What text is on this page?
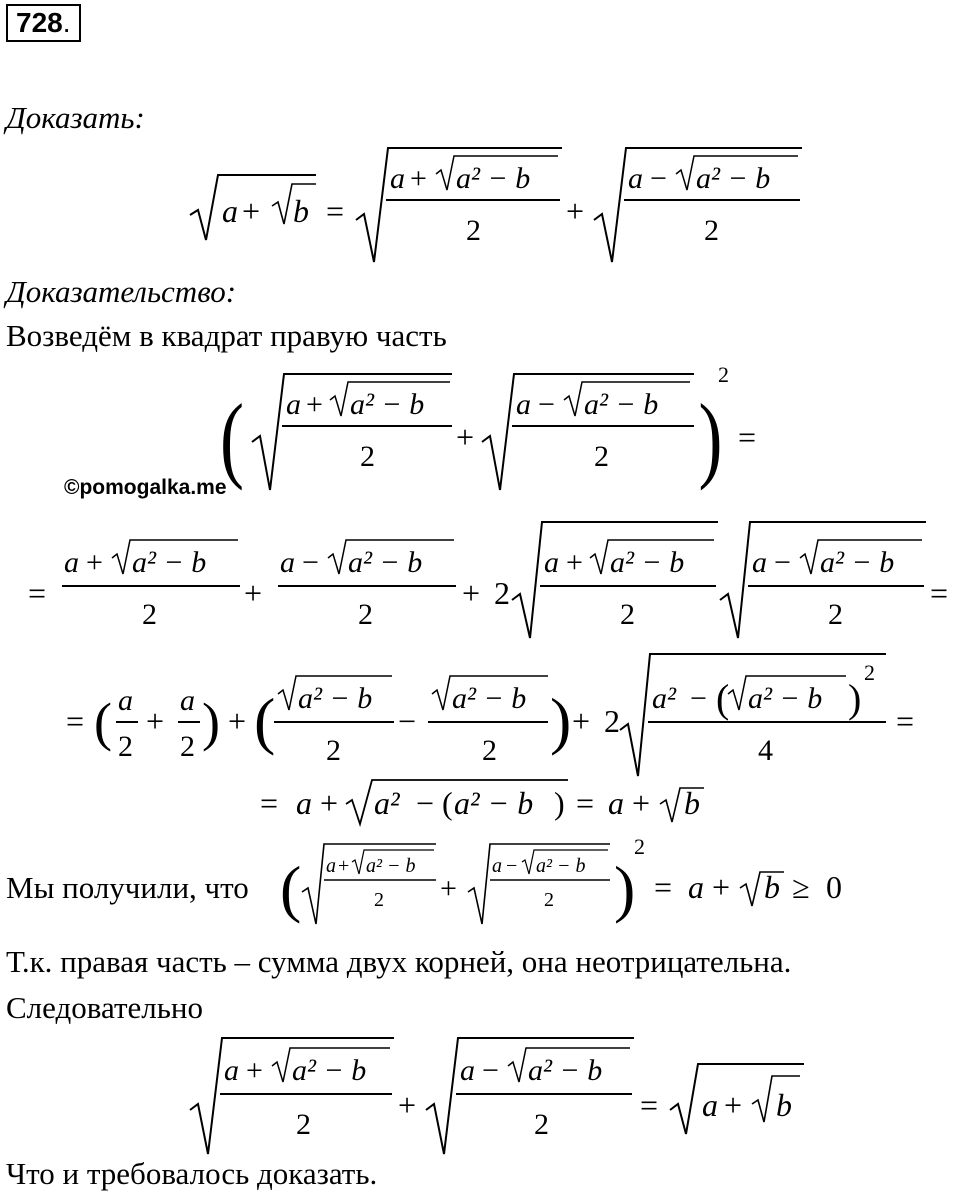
728.
Доказать:
a + b =
a + a² − b
2
+
a − a² − b
2
Доказательство:
Возведём в квадрат правую часть
( a + a² − b
2
+
a − a² − b
2 )
2
=
©pomogalka.me
=
a + a² − b
2
+
a − a² − b
2
+ 2
a + a² − b
2
a − a² − b
2
=
= ( a
2
+
a
2 ) + ( a² − b
2
−
a² − b
2 ) + 2
a² − ( a² − b )
2
4
=
= a + a² − ( a² − b ) = a + b
Мы получили, что ( a + a² − b
2 +
a − a² − b
2 )
2
= a + b ≥ 0
Т.к. правая часть – сумма двух корней, она неотрицательна.
Следовательно
a + a² − b
2
+
a − a² − b
2
= a + b
Что и требовалось доказать.
